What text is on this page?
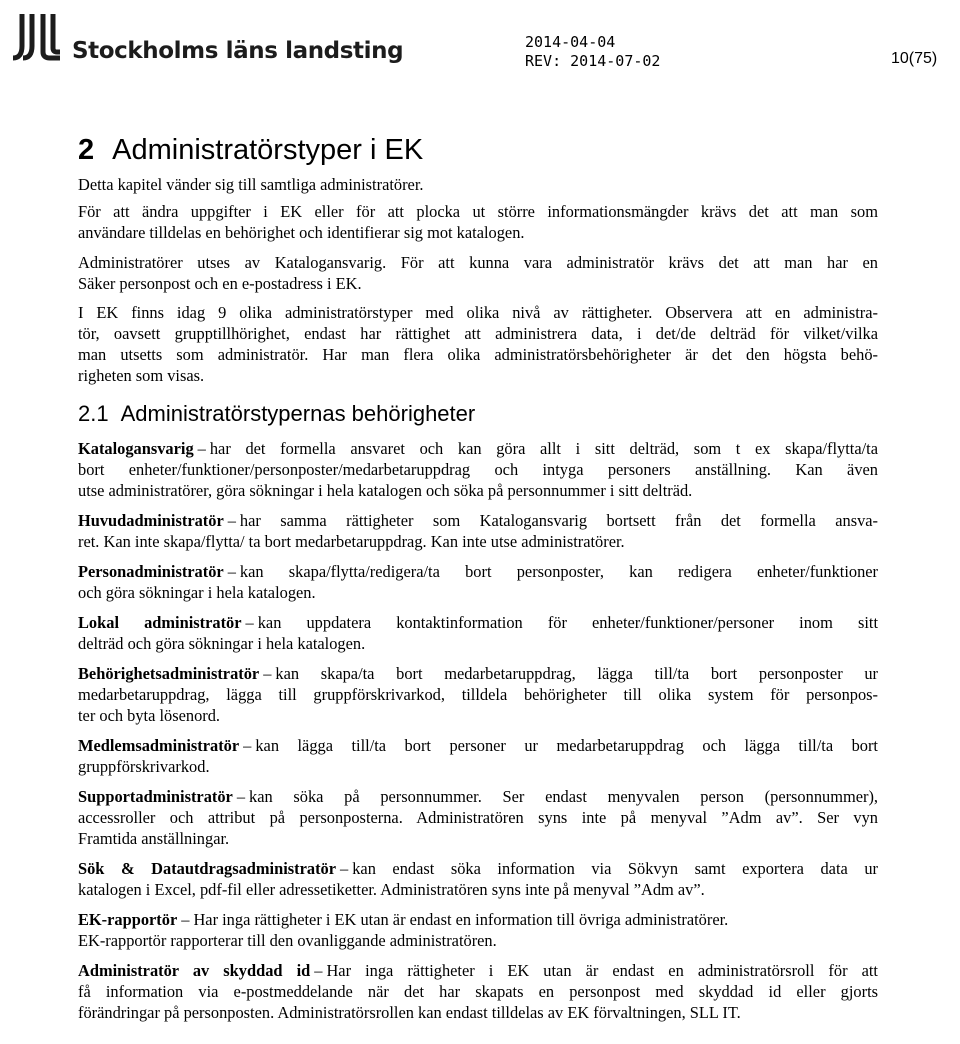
Stockholms läns landsting	2014-04-04
REV: 2014-07-02	10(75)
2 Administratörstyper i EK

Detta kapitel vänder sig till samtliga administratörer.

För att ändra uppgifter i EK eller för att plocka ut större informationsmängder krävs det att man som
användare tilldelas en behörighet och identifierar sig mot katalogen.

Administratörer utses av Katalogansvarig. För att kunna vara administratör krävs det att man har en
Säker personpost och en e-postadress i EK.

I EK finns idag 9 olika administratörstyper med olika nivå av rättigheter. Observera att en administra-
tör, oavsett grupptillhörighet, endast har rättighet att administrera data, i det/de delträd för vilket/vilka
man utsetts som administratör. Har man flera olika administratörsbehörigheter är det den högsta behö-
righeten som visas.

2.1 Administratörstypernas behörigheter

Katalogansvarig – har det formella ansvaret och kan göra allt i sitt delträd, som t ex skapa/flytta/ta
bort enheter/funktioner/personposter/medarbetaruppdrag och intyga personers anställning. Kan även
utse administratörer, göra sökningar i hela katalogen och söka på personnummer i sitt delträd.

Huvudadministratör – har samma rättigheter som Katalogansvarig bortsett från det formella ansva-
ret. Kan inte skapa/flytta/ ta bort medarbetaruppdrag. Kan inte utse administratörer.

Personadministratör – kan skapa/flytta/redigera/ta bort personposter, kan redigera enheter/funktioner
och göra sökningar i hela katalogen.

Lokal administratör – kan uppdatera kontaktinformation för enheter/funktioner/personer inom sitt
delträd och göra sökningar i hela katalogen.

Behörighetsadministratör – kan skapa/ta bort medarbetaruppdrag, lägga till/ta bort personposter ur
medarbetaruppdrag, lägga till gruppförskrivarkod, tilldela behörigheter till olika system för personpos-
ter och byta lösenord.

Medlemsadministratör – kan lägga till/ta bort personer ur medarbetaruppdrag och lägga till/ta bort
gruppförskrivarkod.

Supportadministratör – kan söka på personnummer. Ser endast menyvalen person (personnummer),
accessroller och attribut på personposterna. Administratören syns inte på menyval ”Adm av”. Ser vyn
Framtida anställningar.

Sök & Datautdragsadministratör – kan endast söka information via Sökvyn samt exportera data ur
katalogen i Excel, pdf-fil eller adressetiketter. Administratören syns inte på menyval ”Adm av”.

EK-rapportör – Har inga rättigheter i EK utan är endast en information till övriga administratörer.
EK-rapportör rapporterar till den ovanliggande administratören.

Administratör av skyddad id – Har inga rättigheter i EK utan är endast en administratörsroll för att
få information via e-postmeddelande när det har skapats en personpost med skyddad id eller gjorts
förändringar på personposten. Administratörsrollen kan endast tilldelas av EK förvaltningen, SLL IT.
